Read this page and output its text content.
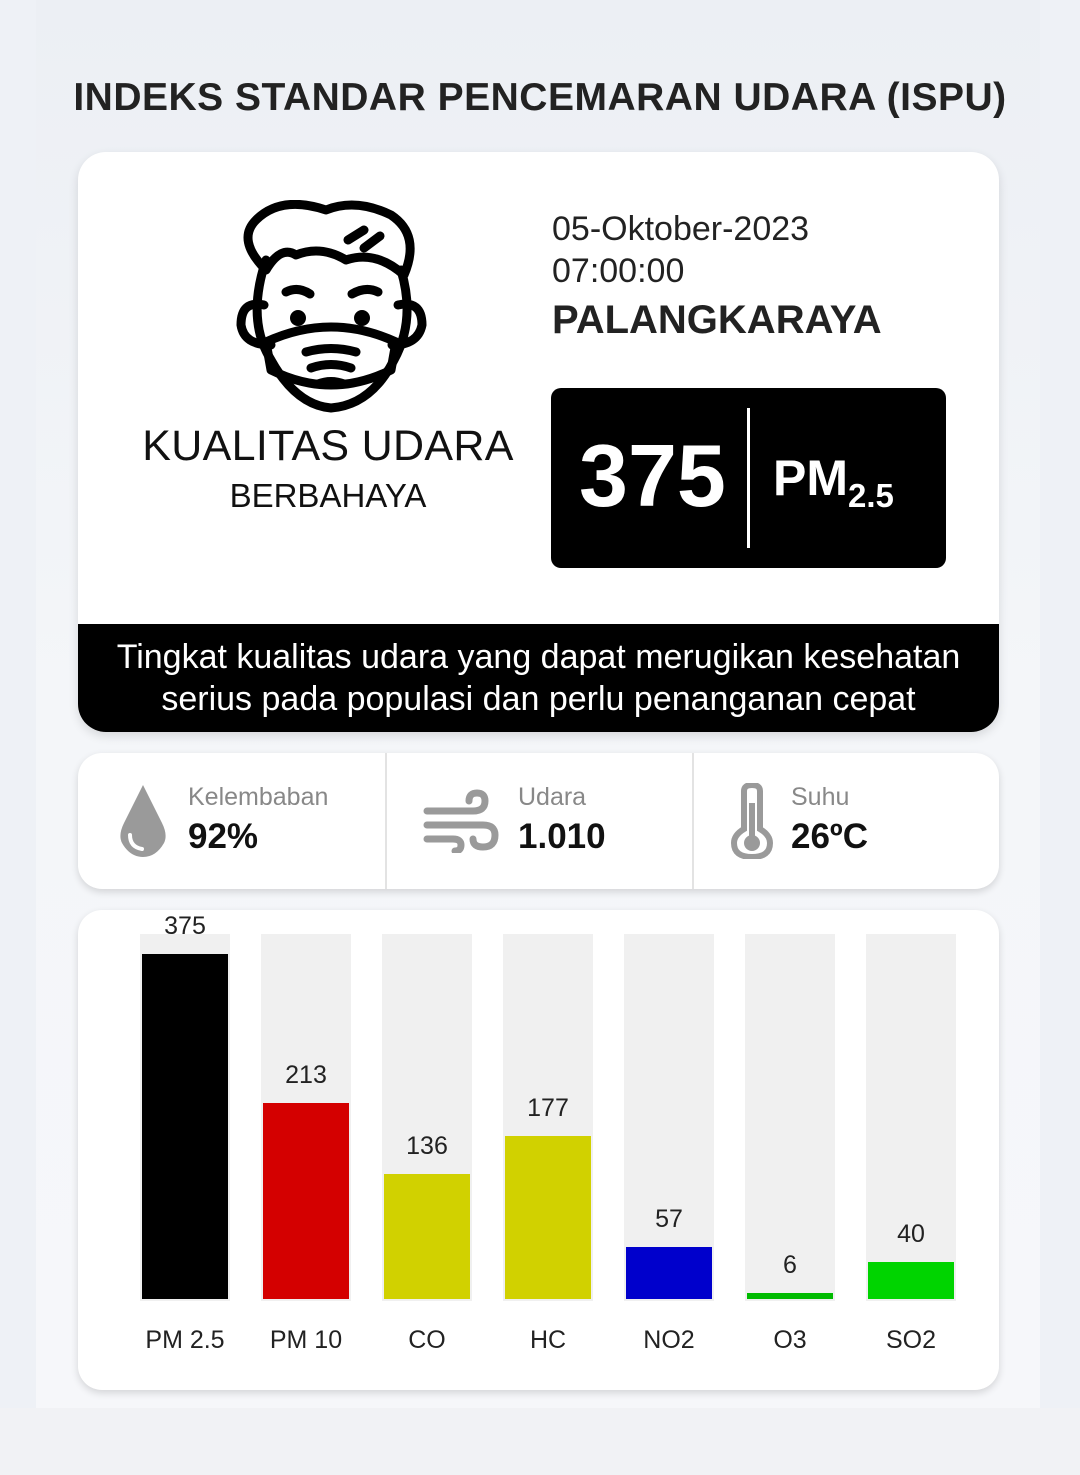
INDEKS STANDAR PENCEMARAN UDARA (ISPU)
KUALITAS UDARA
BERBAHAYA
05-Oktober-2023
07:00:00
PALANGKARAYA
375 $PM_{2.5}$
Tingkat kualitas udara yang dapat merugikan kesehatan
serius pada populasi dan perlu penanganan cepat
Kelembaban
92%
Udara
1.010
Suhu
26ºC
375
PM 2.5
213
PM 10
136
CO
177
HC
57
NO2
6
O3
40
SO2
